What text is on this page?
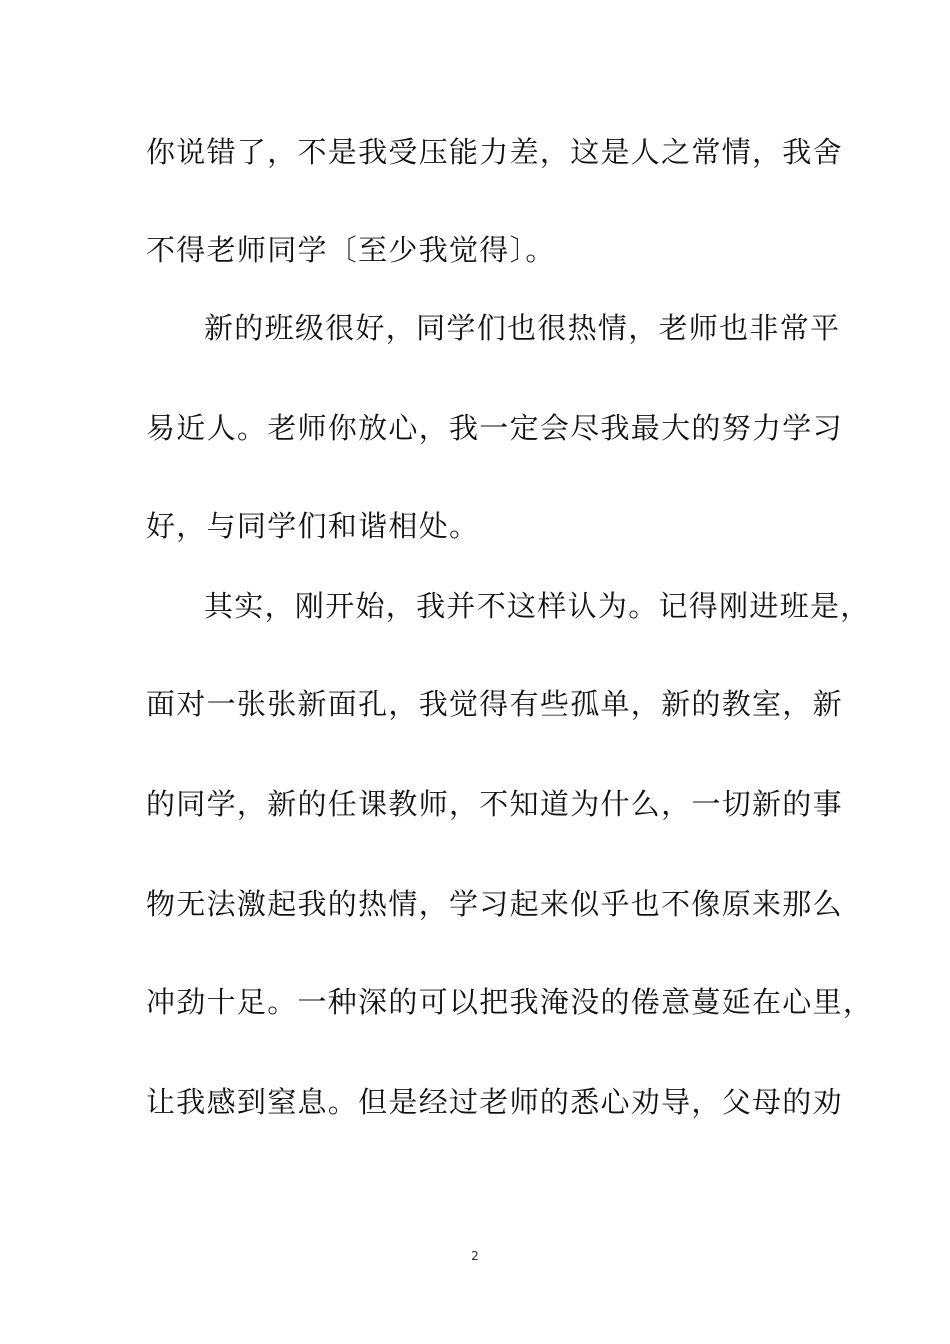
你说错了，不是我受压能力差，这是人之常情，我舍
不得老师同学〔至少我觉得〕。
新的班级很好，同学们也很热情，老师也非常平
易近人。老师你放心，我一定会尽我最大的努力学习
好，与同学们和谐相处。
其实，刚开始，我并不这样认为。记得刚进班是，
面对一张张新面孔，我觉得有些孤单，新的教室，新
的同学，新的任课教师，不知道为什么，一切新的事
物无法激起我的热情，学习起来似乎也不像原来那么
冲劲十足。一种深的可以把我淹没的倦意蔓延在心里，
让我感到窒息。但是经过老师的悉心劝导，父母的劝
2
